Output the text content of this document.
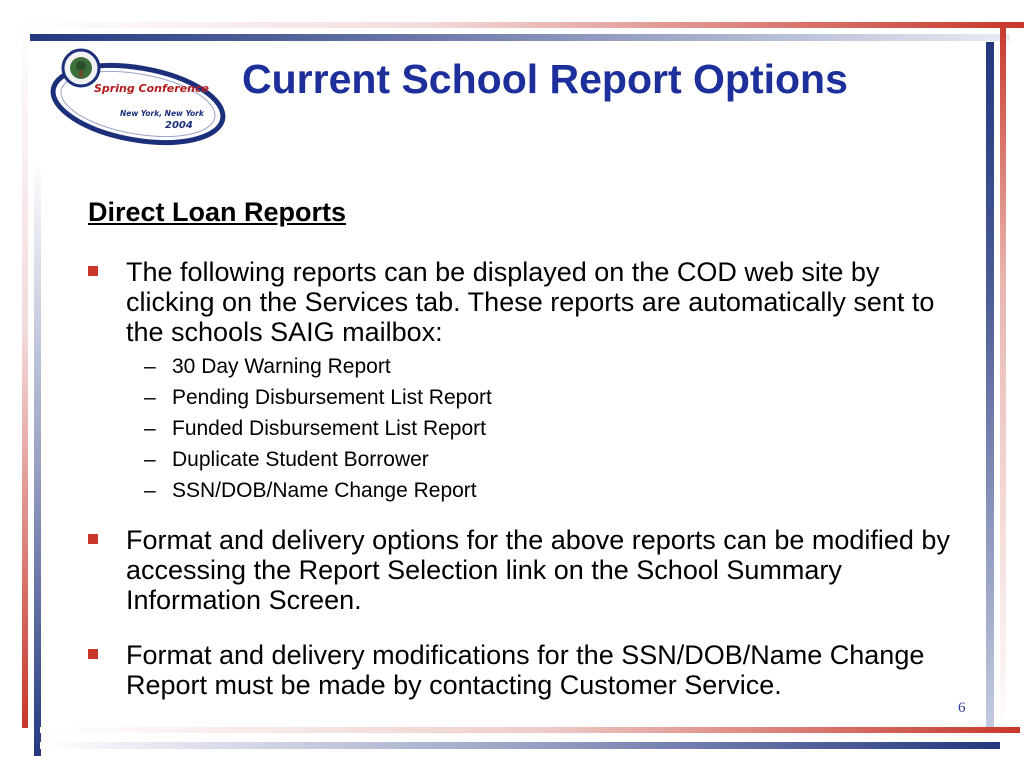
Spring Conference
New York, New York
2004
Current School Report Options
Direct Loan Reports
The following reports can be displayed on the COD web site by clicking on the Services tab. These reports are automatically sent to the schools SAIG mailbox:
– 30 Day Warning Report
– Pending Disbursement List Report
– Funded Disbursement List Report
– Duplicate Student Borrower
– SSN/DOB/Name Change Report
Format and delivery options for the above reports can be modified by accessing the Report Selection link on the School Summary Information Screen.
Format and delivery modifications for the SSN/DOB/Name Change Report must be made by contacting Customer Service.
6
